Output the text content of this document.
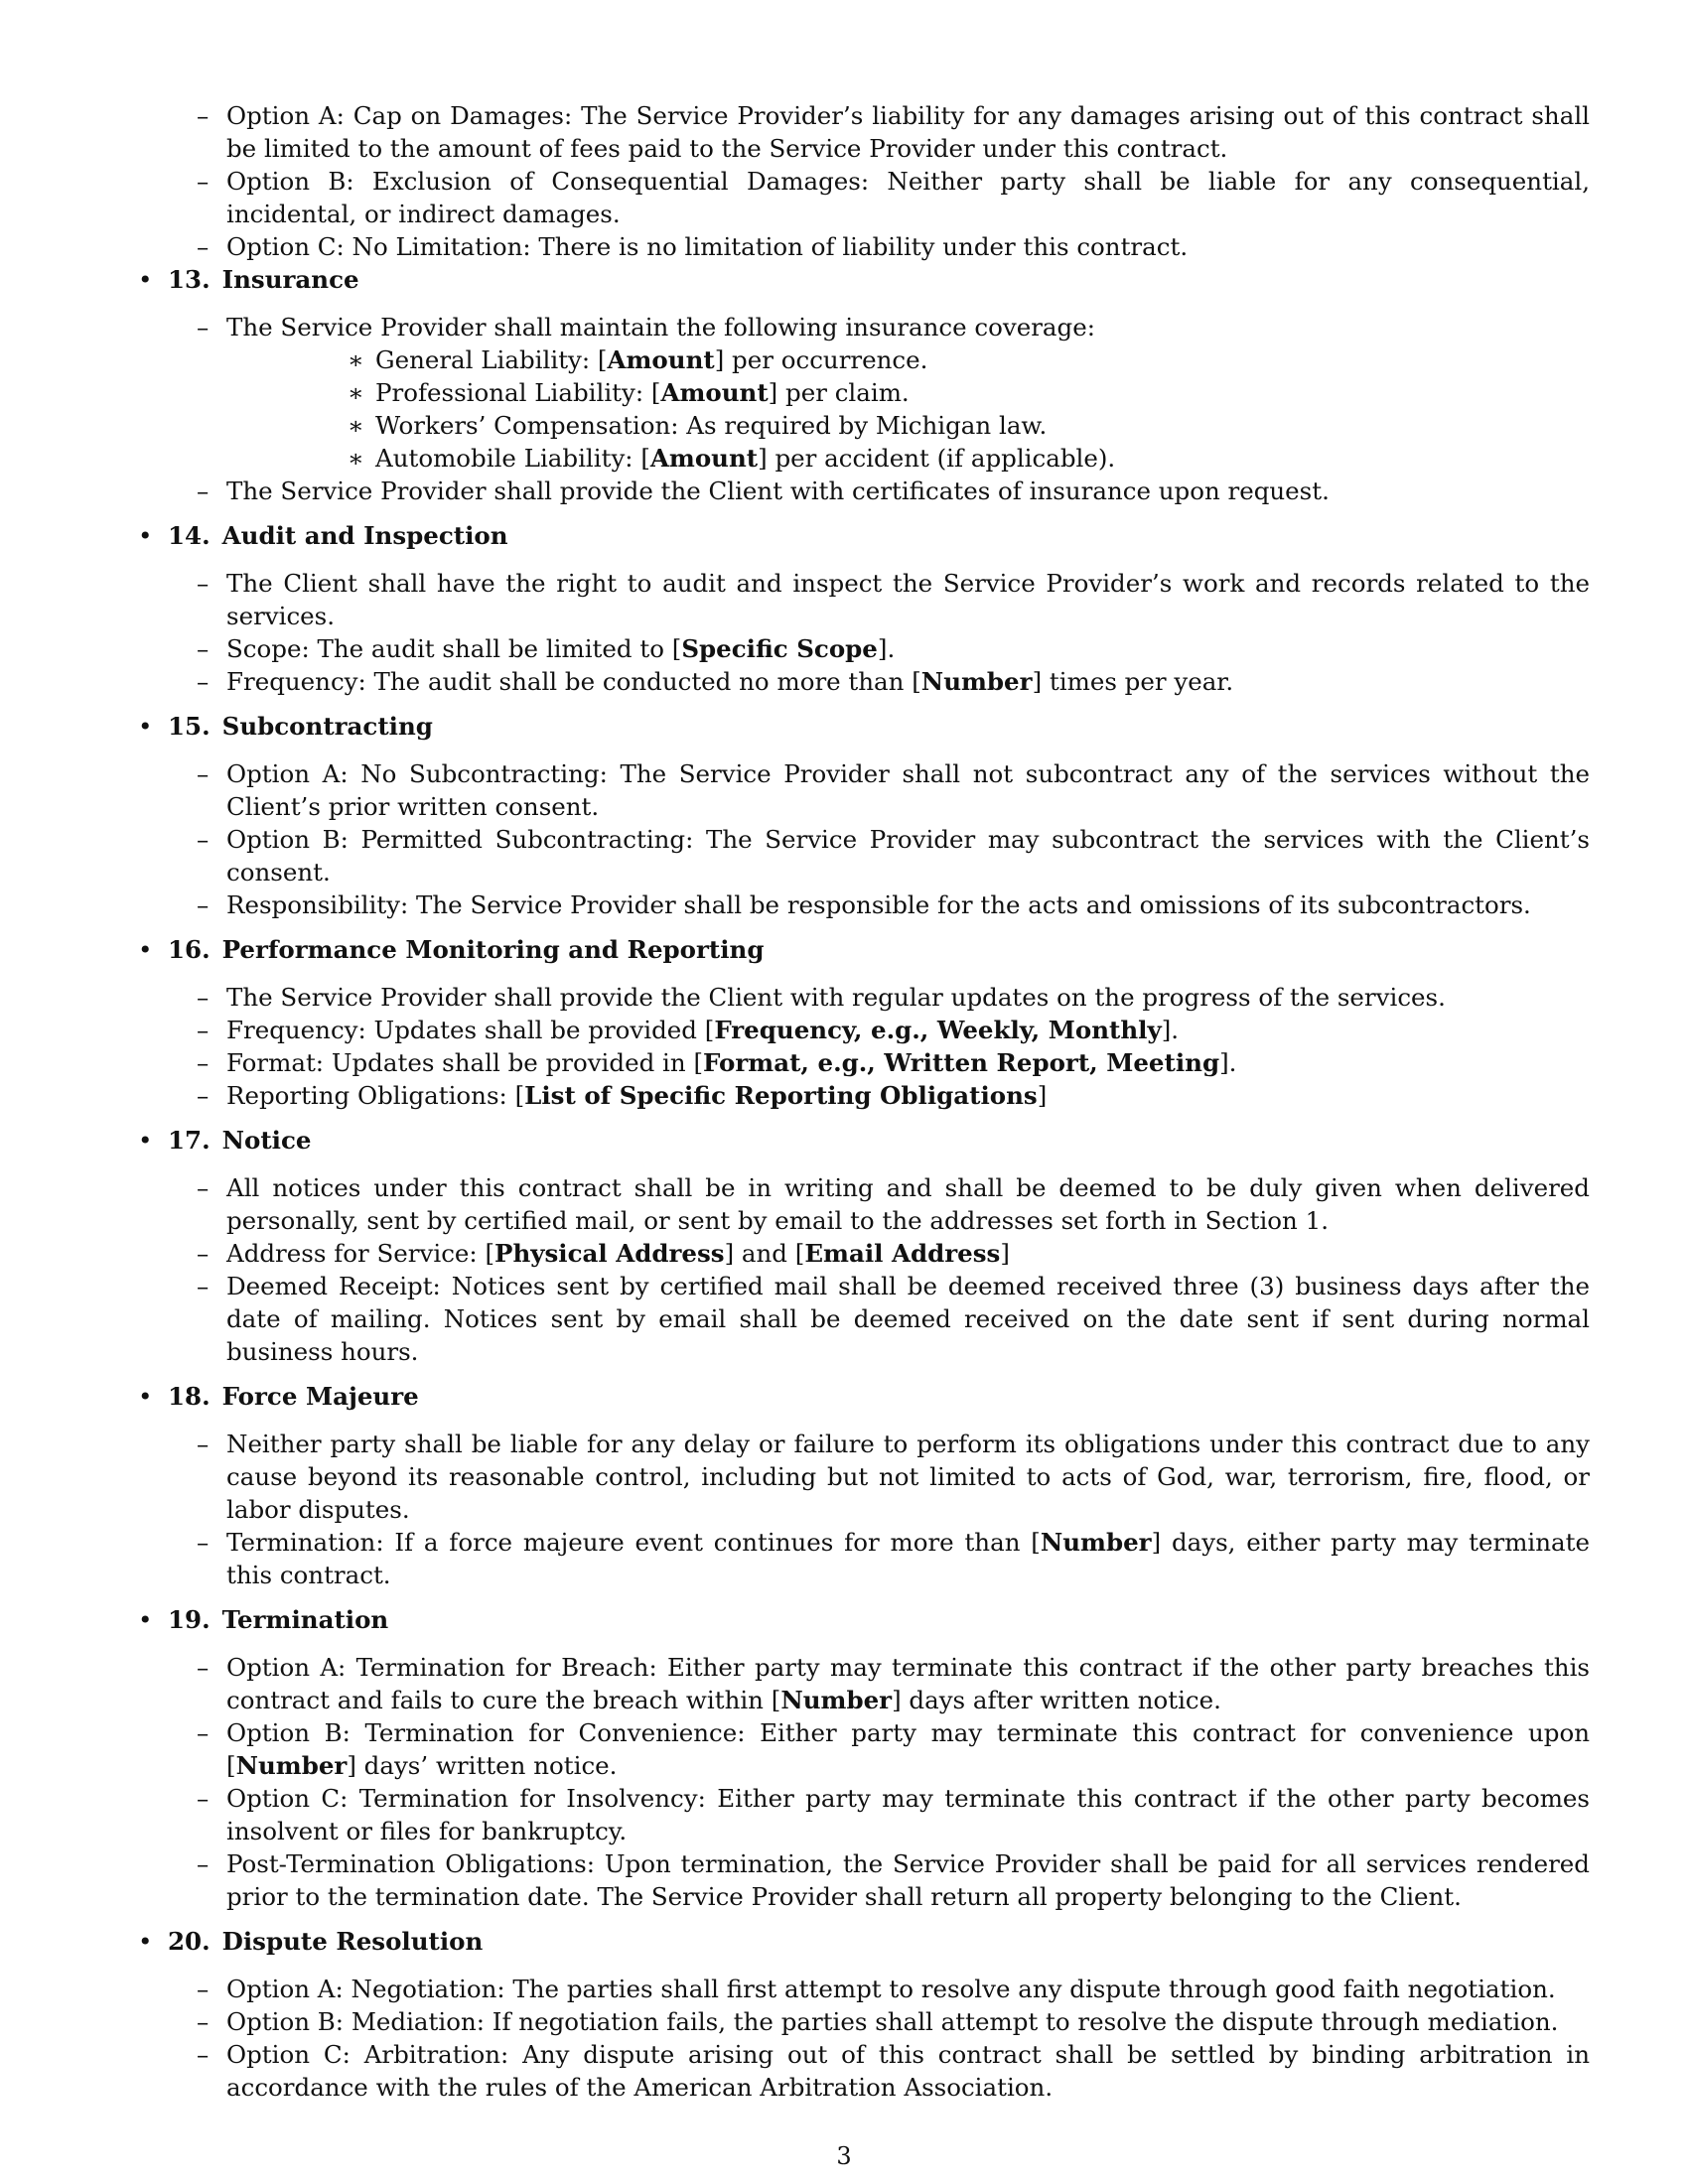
– Option A: Cap on Damages: The Service Provider’s liability for any damages arising out of this contract shall be limited to the amount of fees paid to the Service Provider under this contract.
– Option B: Exclusion of Consequential Damages: Neither party shall be liable for any consequential, incidental, or indirect damages.
– Option C: No Limitation: There is no limitation of liability under this contract.
• 13. Insurance
– The Service Provider shall maintain the following insurance coverage:
∗ General Liability: [Amount] per occurrence.
∗ Professional Liability: [Amount] per claim.
∗ Workers’ Compensation: As required by Michigan law.
∗ Automobile Liability: [Amount] per accident (if applicable).
– The Service Provider shall provide the Client with certificates of insurance upon request.
• 14. Audit and Inspection
– The Client shall have the right to audit and inspect the Service Provider’s work and records related to the services.
– Scope: The audit shall be limited to [Specific Scope].
– Frequency: The audit shall be conducted no more than [Number] times per year.
• 15. Subcontracting
– Option A: No Subcontracting: The Service Provider shall not subcontract any of the services without the Client’s prior written consent.
– Option B: Permitted Subcontracting: The Service Provider may subcontract the services with the Client’s consent.
– Responsibility: The Service Provider shall be responsible for the acts and omissions of its subcontractors.
• 16. Performance Monitoring and Reporting
– The Service Provider shall provide the Client with regular updates on the progress of the services.
– Frequency: Updates shall be provided [Frequency, e.g., Weekly, Monthly].
– Format: Updates shall be provided in [Format, e.g., Written Report, Meeting].
– Reporting Obligations: [List of Specific Reporting Obligations]
• 17. Notice
– All notices under this contract shall be in writing and shall be deemed to be duly given when delivered personally, sent by certified mail, or sent by email to the addresses set forth in Section 1.
– Address for Service: [Physical Address] and [Email Address]
– Deemed Receipt: Notices sent by certified mail shall be deemed received three (3) business days after the date of mailing. Notices sent by email shall be deemed received on the date sent if sent during normal business hours.
• 18. Force Majeure
– Neither party shall be liable for any delay or failure to perform its obligations under this contract due to any cause beyond its reasonable control, including but not limited to acts of God, war, terrorism, fire, flood, or labor disputes.
– Termination: If a force majeure event continues for more than [Number] days, either party may terminate this contract.
• 19. Termination
– Option A: Termination for Breach: Either party may terminate this contract if the other party breaches this contract and fails to cure the breach within [Number] days after written notice.
– Option B: Termination for Convenience: Either party may terminate this contract for convenience upon [Number] days’ written notice.
– Option C: Termination for Insolvency: Either party may terminate this contract if the other party becomes insolvent or files for bankruptcy.
– Post-Termination Obligations: Upon termination, the Service Provider shall be paid for all services rendered prior to the termination date. The Service Provider shall return all property belonging to the Client.
• 20. Dispute Resolution
– Option A: Negotiation: The parties shall first attempt to resolve any dispute through good faith negotiation.
– Option B: Mediation: If negotiation fails, the parties shall attempt to resolve the dispute through mediation.
– Option C: Arbitration: Any dispute arising out of this contract shall be settled by binding arbitration in accordance with the rules of the American Arbitration Association.
3
